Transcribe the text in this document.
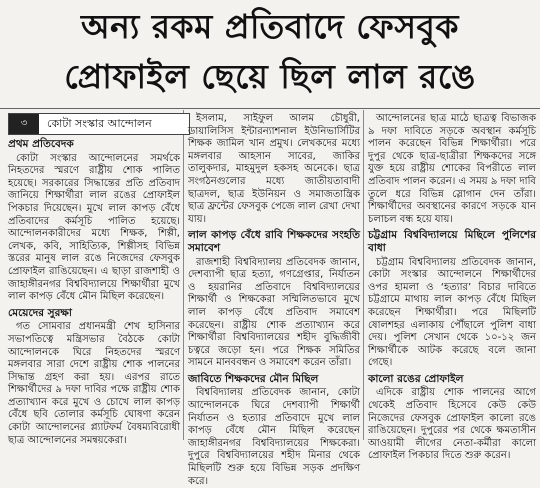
অন্য রকম প্রতিবাদে ফেসবুক
প্রোফাইল ছেয়ে ছিল লাল রঙে
৩	কোটা সংস্কার আন্দোলন
প্রথম প্রতিবেদক

কোটা সংস্কার আন্দোলনের সমর্থকে নিহতদের স্মরণে রাষ্ট্রীয় শোক পালিত হয়েছে। সরকারের সিদ্ধান্তের প্রতি প্রতিবাদ জানিয়ে শিক্ষার্থীরা লাল রঙের প্রোফাইল পিকচার দিয়েছেন। মুখে লাল কাপড় বেঁধে প্রতিবাদের কর্মসূচি পালিত হয়েছে। আন্দোলনকারীদের মধ্যে শিক্ষক, শিল্পী, লেখক, কবি, সাহিত্যিক, শিল্পীসহ বিভিন্ন স্তরের মানুষ লাল রঙে নিজেদের ফেসবুক প্রোফাইল রাঙিয়েছেন। এ ছাড়া রাজশাহী ও জাহাঙ্গীরনগর বিশ্ববিদ্যালয়ে শিক্ষার্থীরা মুখে লাল কাপড় বেঁধে মৌন মিছিল করেছেন।

মেয়েদের সুরক্ষা

গত সোমবার প্রধানমন্ত্রী শেখ হাসিনার সভাপতিত্বে মন্ত্রিসভার বৈঠকে কোটা আন্দোলনকে ঘিরে নিহতদের স্মরণে মঙ্গলবার সারা দেশে রাষ্ট্রীয় শোক পালনের সিদ্ধান্ত গ্রহণ করা হয়। এরপর রাতে শিক্ষার্থীদের ৯ দফা দাবির পক্ষে রাষ্ট্রীয় শোক প্রত্যাখ্যান করে মুখে ও চোখে লাল কাপড় বেঁধে ছবি তোলার কর্মসূচি ঘোষণা করেন কোটা আন্দোলনের প্ল্যাটফর্ম বৈষম্যবিরোধী ছাত্র আন্দোলনের সমন্বয়কেরা।

ইসলাম, সাইফুল আলম চৌধুরী, ডায়ালিসিস ইন্টারন্যাশনাল ইউনিভার্সিটির শিক্ষক জামিল খান প্রমুখ। লেখকদের মধ্যে মঙ্গলবার আহসান সাবের, জাকির তালুকদার, মাহমুদুল হকসহ অনেকে। ছাত্র সংগঠনগুলোর মধ্যে জাতীয়তাবাদী ছাত্রদল, ছাত্র ইউনিয়ন ও সমাজতান্ত্রিক ছাত্র ফ্রন্টের ফেসবুক পেজে লাল রেখা দেখা যায়।

লাল কাপড় বেঁধে রাবি শিক্ষকদের সংহতি সমাবেশ

রাজশাহী বিশ্ববিদ্যালয় প্রতিবেদক জানান, দেশব্যাপী ছাত্র হত্যা, গণগ্রেপ্তার, নির্যাতন ও হয়রানির প্রতিবাদে বিশ্ববিদ্যালয়ের শিক্ষার্থী ও শিক্ষকেরা সম্মিলিতভাবে মুখে লাল কাপড় বেঁধে প্রতিবাদ সমাবেশ করেছেন। রাষ্ট্রীয় শোক প্রত্যাখ্যান করে শিক্ষার্থীরা বিশ্ববিদ্যালয়ের শহীদ বুদ্ধিজীবী চত্বরে জড়ো হন। পরে শিক্ষক সমিতির সামনে মানববন্ধন ও সমাবেশ করেন তাঁরা।

জাবিতে শিক্ষকদের মৌন মিছিল

বিশ্ববিদ্যালয় প্রতিবেদক জানান, কোটা আন্দোলনকে ঘিরে দেশব্যাপী শিক্ষার্থী নির্যাতন ও হত্যার প্রতিবাদে মুখে লাল কাপড় বেঁধে মৌন মিছিল করেছেন জাহাঙ্গীরনগর বিশ্ববিদ্যালয়ের শিক্ষকেরা। দুপুরে বিশ্ববিদ্যালয়ের শহীদ মিনার থেকে মিছিলটি শুরু হয়ে বিভিন্ন সড়ক প্রদক্ষিণ করে।

আন্দোলনের ছাত্র মাঠে ছাত্রত্ব বিভাজক ৯ দফা দাবিতে সড়কে অবস্থান কর্মসূচি পালন করেছেন বিভিন্ন শিক্ষার্থীরা। পরে দুপুর থেকে ছাত্র-ছাত্রীরা শিক্ষকদের সঙ্গে যুক্ত হয়ে রাষ্ট্রীয় শোকের বিপরীতে লাল প্রতিবাদ পালন করেন। এ সময় ৯ দফা দাবি তুলে ধরে বিভিন্ন স্লোগান দেন তাঁরা। শিক্ষার্থীদের অবস্থানের কারণে সড়কে যান চলাচল বন্ধ হয়ে যায়।

চট্টগ্রাম বিশ্ববিদ্যালয়ে মিছিলে পুলিশের বাধা

চট্টগ্রাম বিশ্ববিদ্যালয় প্রতিবেদক জানান, কোটা সংস্কার আন্দোলনে শিক্ষার্থীদের ওপর হামলা ও ‘হত্যার’ বিচার দাবিতে চট্টগ্রামে মাথায় লাল কাপড় বেঁধে মিছিল করেছেন শিক্ষার্থীরা। পরে মিছিলটি ষোলশহর এলাকায় পৌঁছালে পুলিশ বাধা দেয়। পুলিশ সেখান থেকে ১০-১২ জন শিক্ষার্থীকে আটক করেছে বলে জানা গেছে।

কালো রঙের প্রোফাইল

এদিকে রাষ্ট্রীয় শোক পালনের আগে থেকেই প্রতিবাদ হিসেবে কেউ কেউ নিজেদের ফেসবুক প্রোফাইল কালো রঙে রাঙিয়েছেন। দুপুরের পর থেকে ক্ষমতাসীন আওয়ামী লীগের নেতা-কর্মীরা কালো প্রোফাইল পিকচার দিতে শুরু করেন।
